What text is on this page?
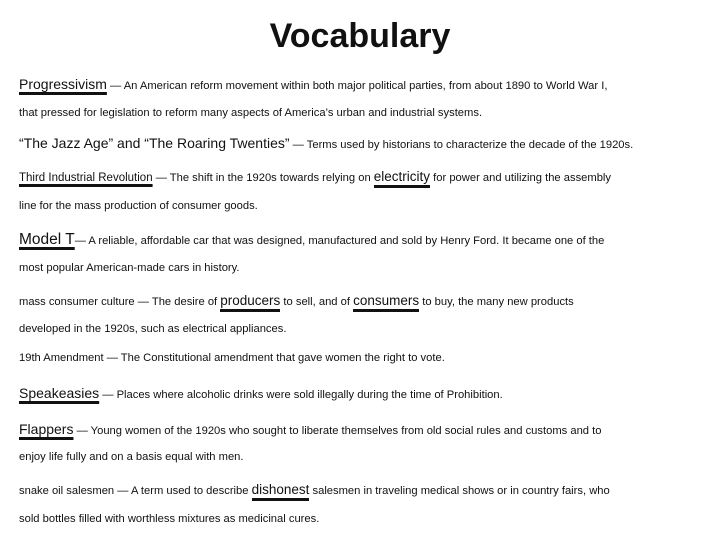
Vocabulary
Progressivism — An American reform movement within both major political parties, from about 1890 to World War I,
that pressed for legislation to reform many aspects of America’s urban and industrial systems.
“The Jazz Age” and “The Roaring Twenties” — Terms used by historians to characterize the decade of the 1920s.
Third Industrial Revolution — The shift in the 1920s towards relying on electricity for power and utilizing the assembly
line for the mass production of consumer goods.
Model T— A reliable, affordable car that was designed, manufactured and sold by Henry Ford. It became one of the
most popular American-made cars in history.
mass consumer culture — The desire of producers to sell, and of consumers to buy, the many new products
developed in the 1920s, such as electrical appliances.
19th Amendment — The Constitutional amendment that gave women the right to vote.
Speakeasies — Places where alcoholic drinks were sold illegally during the time of Prohibition.
Flappers — Young women of the 1920s who sought to liberate themselves from old social rules and customs and to
enjoy life fully and on a basis equal with men.
snake oil salesmen — A term used to describe dishonest salesmen in traveling medical shows or in country fairs, who
sold bottles filled with worthless mixtures as medicinal cures.
